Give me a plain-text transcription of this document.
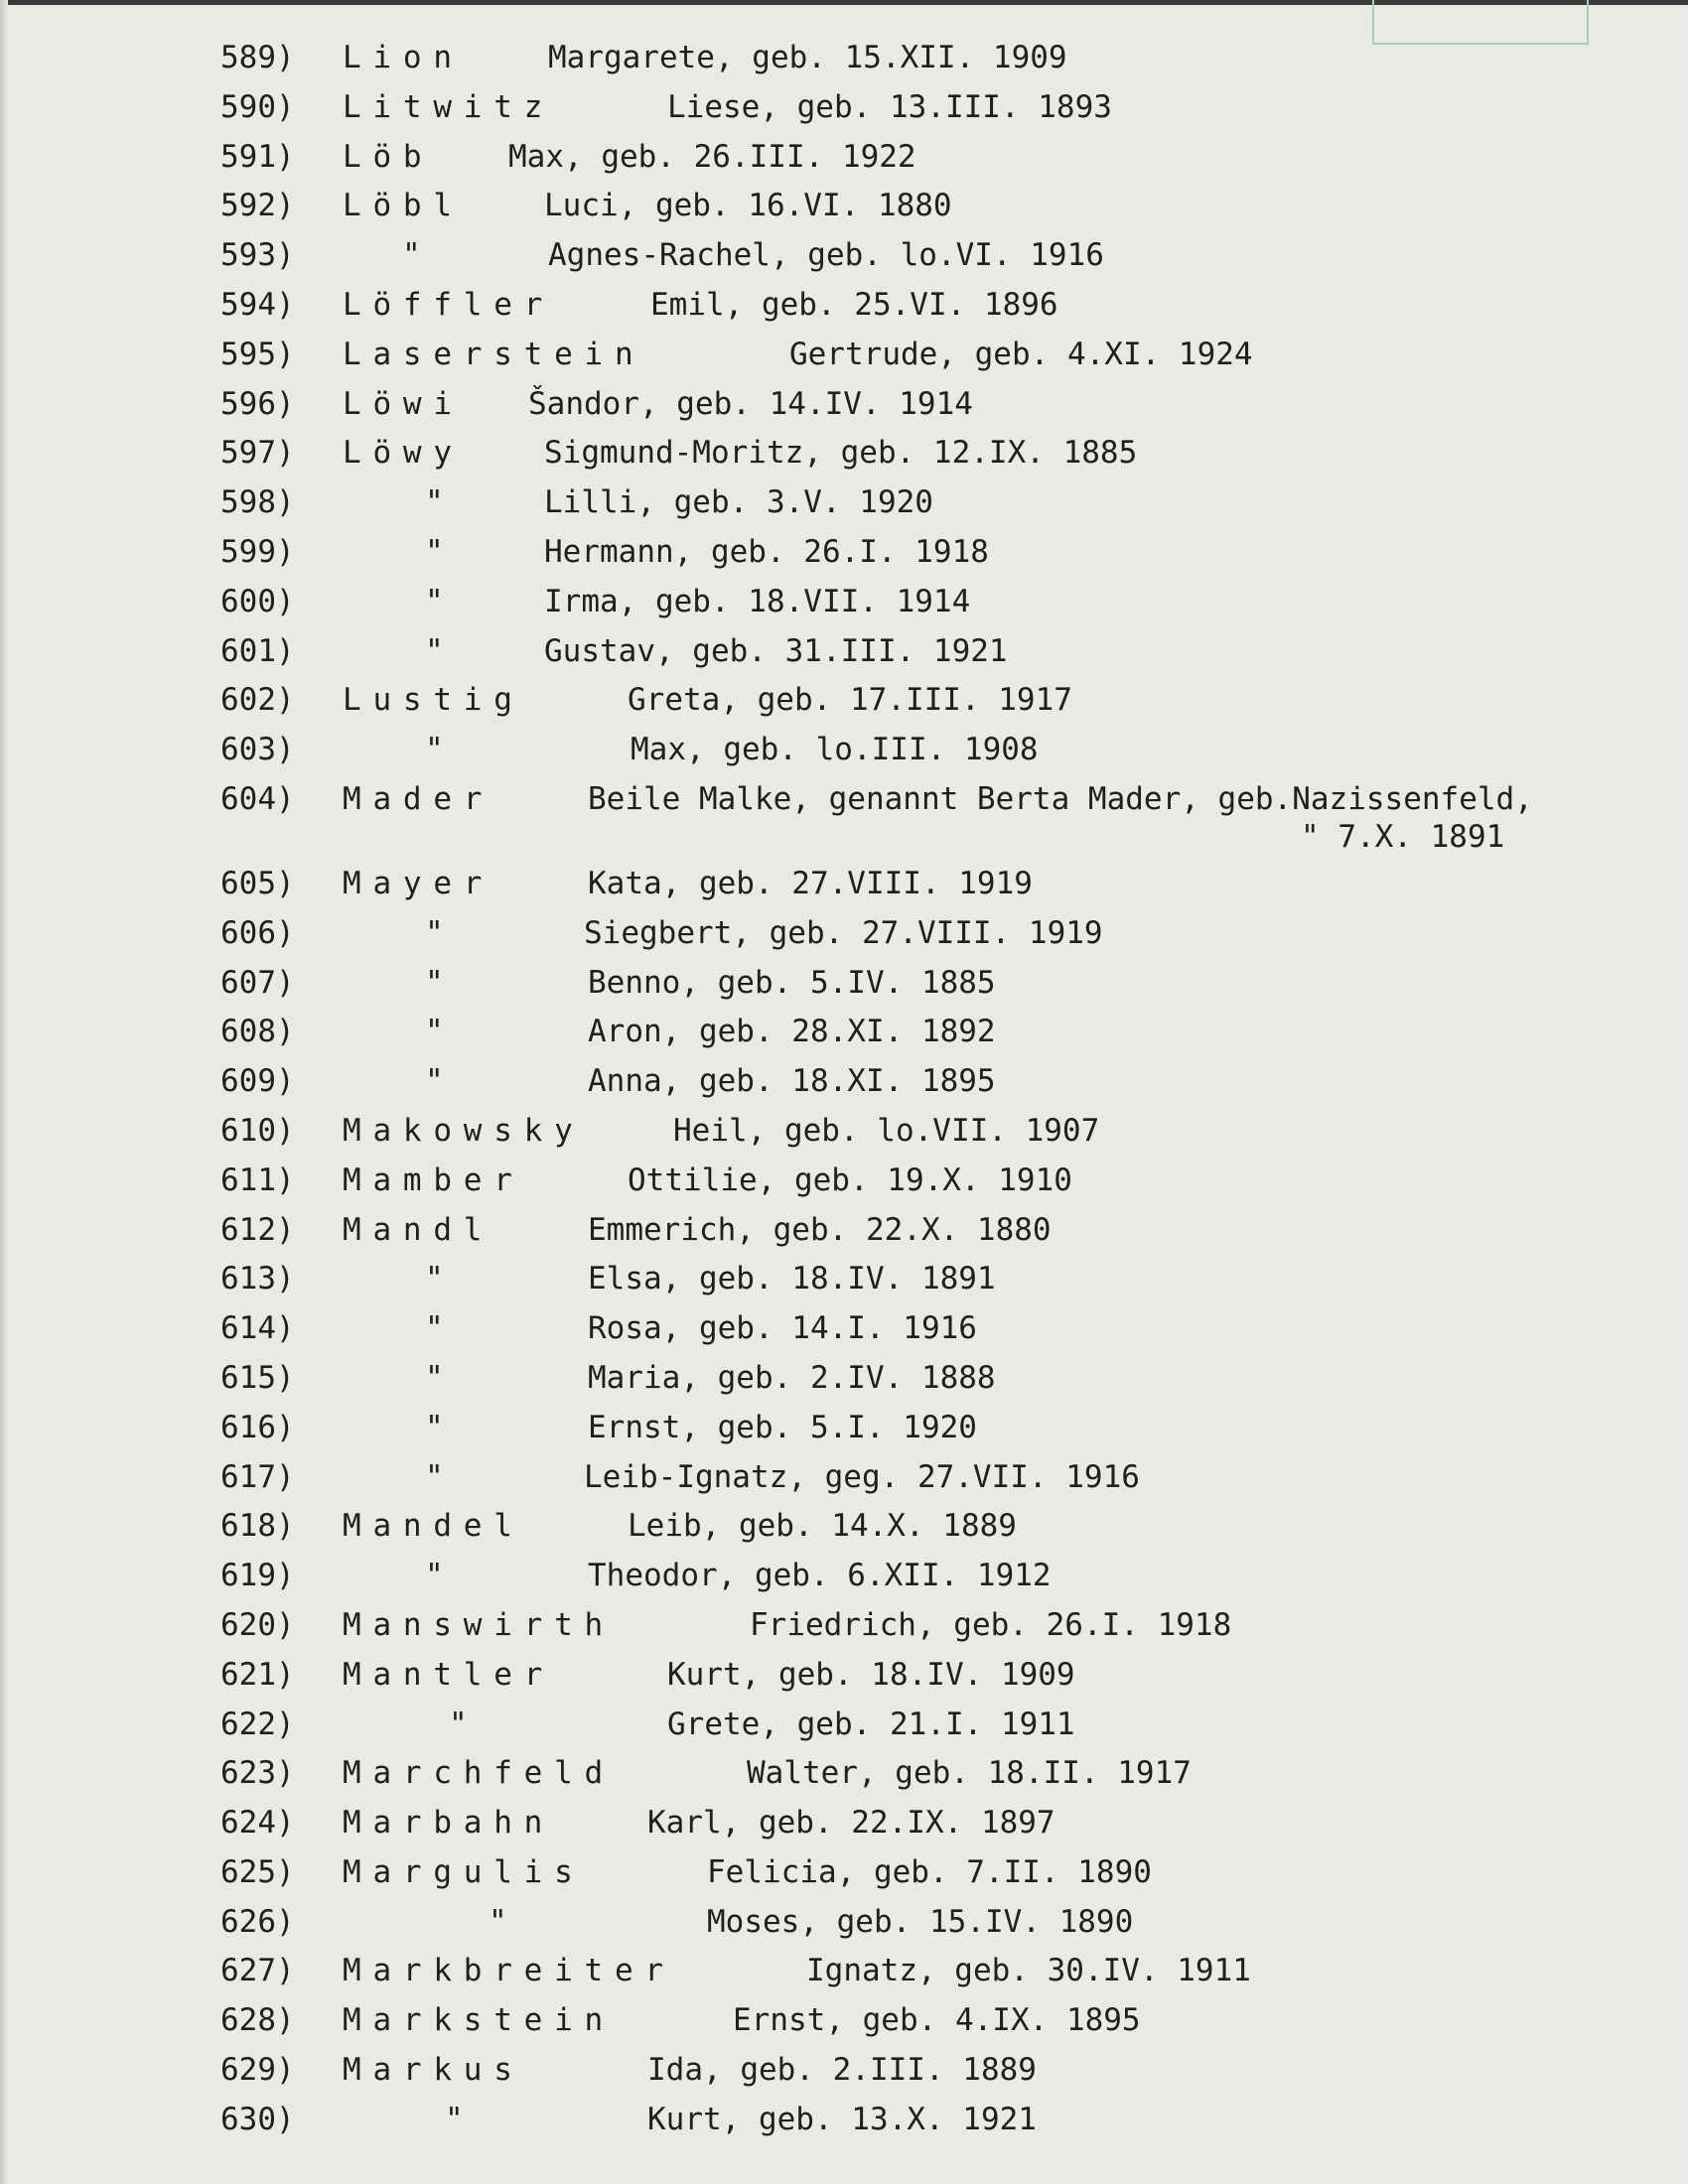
589) Lion	Margarete, geb. 15.XII. 1909
590) Litwitz	Liese, geb. 13.III. 1893
591) Löb Max, geb. 26.III. 1922
592) Löbl	Luci, geb. 16.VI. 1880
593)	"	Agnes-Rachel, geb. lo.VI. 1916
594) Löffler	Emil, geb. 25.VI. 1896
595) Laserstein	Gertrude, geb. 4.XI. 1924
596) Löwi Šandor, geb. 14.IV. 1914
597) Löwy	Sigmund-Moritz, geb. 12.IX. 1885
598)	"	Lilli, geb. 3.V. 1920
599)	"	Hermann, geb. 26.I. 1918
600)	"	Irma, geb. 18.VII. 1914
601)	"	Gustav, geb. 31.III. 1921
602) Lustig	Greta, geb. 17.III. 1917
603)	"	Max, geb. lo.III. 1908
604) Mader	Beile Malke, genannt Berta Mader, geb.Nazissenfeld,
" 7.X. 1891
605) Mayer	Kata, geb. 27.VIII. 1919
606)	"	Siegbert, geb. 27.VIII. 1919
607)	"	Benno, geb. 5.IV. 1885
608)	"	Aron, geb. 28.XI. 1892
609)	"	Anna, geb. 18.XI. 1895
610) Makowsky	Heil, geb. lo.VII. 1907
611) Mamber	Ottilie, geb. 19.X. 1910
612) Mandl	Emmerich, geb. 22.X. 1880
613)	"	Elsa, geb. 18.IV. 1891
614)	"	Rosa, geb. 14.I. 1916
615)	"	Maria, geb. 2.IV. 1888
616)	"	Ernst, geb. 5.I. 1920
617)	"	Leib-Ignatz, geg. 27.VII. 1916
618) Mandel	Leib, geb. 14.X. 1889
619)	"	Theodor, geb. 6.XII. 1912
620) Manswirth	Friedrich, geb. 26.I. 1918
621) Mantler	Kurt, geb. 18.IV. 1909
622)	"	Grete, geb. 21.I. 1911
623) Marchfeld	Walter, geb. 18.II. 1917
624) Marbahn	Karl, geb. 22.IX. 1897
625) Margulis	Felicia, geb. 7.II. 1890
626)	"	Moses, geb. 15.IV. 1890
627) Markbreiter	Ignatz, geb. 30.IV. 1911
628) Markstein	Ernst, geb. 4.IX. 1895
629) Markus	Ida, geb. 2.III. 1889
630)	"	Kurt, geb. 13.X. 1921
